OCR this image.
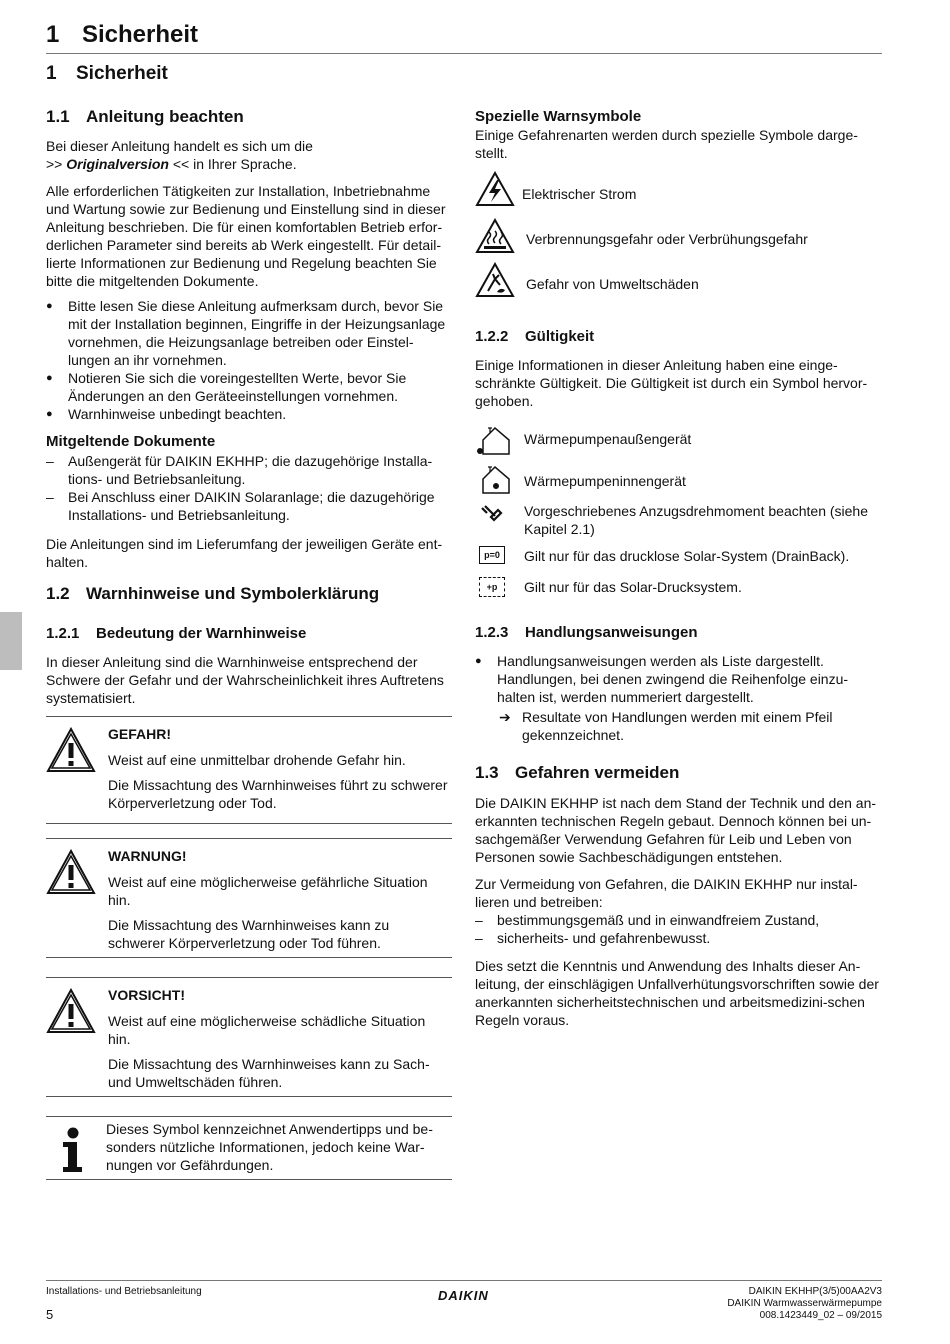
1 Sicherheit
1 Sicherheit
1.1 Anleitung beachten

Bei dieser Anleitung handelt es sich um die

>> Originalversion << in Ihrer Sprache.

Alle erforderlichen Tätigkeiten zur Installation, Inbetriebnahme und Wartung sowie zur Bedienung und Einstellung sind in dieser Anleitung beschrieben. Die für einen komfortablen Betrieb erfor-derlichen Parameter sind bereits ab Werk eingestellt. Für detail-lierte Informationen zur Bedienung und Regelung beachten Sie bitte die mitgeltenden Dokumente.

● Bitte lesen Sie diese Anleitung aufmerksam durch, bevor Sie mit der Installation beginnen, Eingriffe in der Heizungsanlage vornehmen, die Heizungsanlage betreiben oder Einstel-lungen an ihr vornehmen.
● Notieren Sie sich die voreingestellten Werte, bevor Sie Änderungen an den Geräteeinstellungen vornehmen.
● Warnhinweise unbedingt beachten.
Mitgeltende Dokumente
– Außengerät für DAIKIN EKHHP; die dazugehörige Installa-tions- und Betriebsanleitung.
– Bei Anschluss einer DAIKIN Solaranlage; die dazugehörige Installations- und Betriebsanleitung.

Die Anleitungen sind im Lieferumfang der jeweiligen Geräte ent-halten.

1.2 Warnhinweise und Symbolerklärung
1.2.1 Bedeutung der Warnhinweise
In dieser Anleitung sind die Warnhinweise entsprechend der Schwere der Gefahr und der Wahrscheinlichkeit ihres Auftretens systematisiert.
GEFAHR!

Weist auf eine unmittelbar drohende Gefahr hin.

Die Missachtung des Warnhinweises führt zu schwerer Körperverletzung oder Tod.

WARNUNG!

Weist auf eine möglicherweise gefährliche Situation hin.

Die Missachtung des Warnhinweises kann zu schwerer Körperverletzung oder Tod führen.

VORSICHT!

Weist auf eine möglicherweise schädliche Situation hin.

Die Missachtung des Warnhinweises kann zu Sach- und Umweltschäden führen.

Dieses Symbol kennzeichnet Anwendertipps und be-sonders nützliche Informationen, jedoch keine War-nungen vor Gefährdungen.
Spezielle Warnsymbole
Einige Gefahrenarten werden durch spezielle Symbole darge-stellt.
Elektrischer Strom
Verbrennungsgefahr oder Verbrühungsgefahr
Gefahr von Umweltschäden
1.2.2 Gültigkeit
Einige Informationen in dieser Anleitung haben eine einge-schränkte Gültigkeit. Die Gültigkeit ist durch ein Symbol hervor-gehoben.
Wärmepumpenaußengerät
Wärmepumpeninnengerät
Vorgeschriebenes Anzugsdrehmoment beachten (siehe Kapitel 2.1)
p=0	Gilt nur für das drucklose Solar-System (DrainBack).
+p	Gilt nur für das Solar-Drucksystem.
1.2.3 Handlungsanweisungen
● Handlungsanweisungen werden als Liste dargestellt. Handlungen, bei denen zwingend die Reihenfolge einzu-halten ist, werden nummeriert dargestellt.
➔ Resultate von Handlungen werden mit einem Pfeil gekennzeichnet.
1.3 Gefahren vermeiden

Die DAIKIN EKHHP ist nach dem Stand der Technik und den an-erkannten technischen Regeln gebaut. Dennoch können bei un-sachgemäßer Verwendung Gefahren für Leib und Leben von Personen sowie Sachbeschädigungen entstehen.

Zur Vermeidung von Gefahren, die DAIKIN EKHHP nur instal-lieren und betreiben:

– bestimmungsgemäß und in einwandfreiem Zustand,
– sicherheits- und gefahrenbewusst.

Dies setzt die Kenntnis und Anwendung des Inhalts dieser An-leitung, der einschlägigen Unfallverhütungsvorschriften sowie der anerkannten sicherheitstechnischen und arbeitsmedizini-schen Regeln voraus.

Installations- und Betriebsanleitung
5
DAIKIN	DAIKIN EKHHP(3/5)00AA2V3
DAIKIN Warmwasserwärmepumpe
008.1423449_02 – 09/2015
